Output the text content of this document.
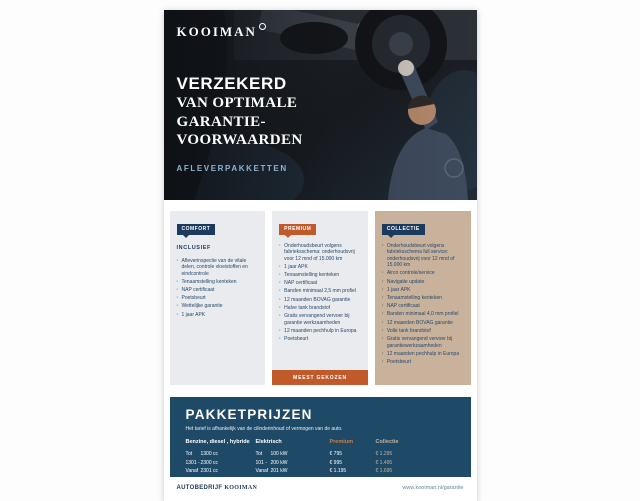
KOOIMAN
VERZEKERD
VAN OPTIMALE
GARANTIE-
VOORWAARDEN
AFLEVERPAKKETTEN
COMFORT
INCLUSIEF
· Afleverinspectie van de vitale delen, controle vloeistoffen en eindcontrole
· Tenaamstelling kenteken
· NAP certificaat
· Poetsbeurt
· Wettelijke garantie
· 1 jaar APK
PREMIUM
· Onderhoudsbeurt volgens fabrieksschema: onderhoudsvrij voor 12 mnd of 15.000 km
· 1 jaar APK
· Tenaamstelling kenteken
· NAP certificaat
· Banden minimaal 2,5 mm profiel
· 12 maanden BOVAG garantie
· Halve tank brandstof
· Gratis vervangend vervoer bij garantie werkzaamheden
· 12 maanden pechhulp in Europa
· Poetsbeurt
MEEST GEKOZEN
COLLECTIE
· Onderhoudsbeurt volgens fabrieksschema full service: onderhoudsvrij voor 12 mnd of 15.000 km
· Airco controle/service
· Navigatie update
· 1 jaar APK
· Tenaamstelling kenteken
· NAP certificaat
· Banden minimaal 4,0 mm profiel
· 12 maanden BOVAG garantie
· Volle tank brandstof
· Gratis vervangend vervoer bij garantiewerkzaamheden
· 12 maanden pechhulp in Europa
· Poetsbeurt
PAKKETPRIJZEN
Het tarief is afhankelijk van de cilinderinhoud of vermogen van de auto.
Benzine, diesel , hybride	Elektrisch	Premium	Collectie
Tot 1300 cc	Tot 100 kW	€ 795	€ 1.295
1301 -2300 cc	101 - 200 kW	€ 995	€ 1.495
Vanaf 2301 cc	Vanaf 201 kW	€ 1.195	€ 1.695
AUTOBEDRIJF KOOIMAN	www.kooiman.nl/garantie
